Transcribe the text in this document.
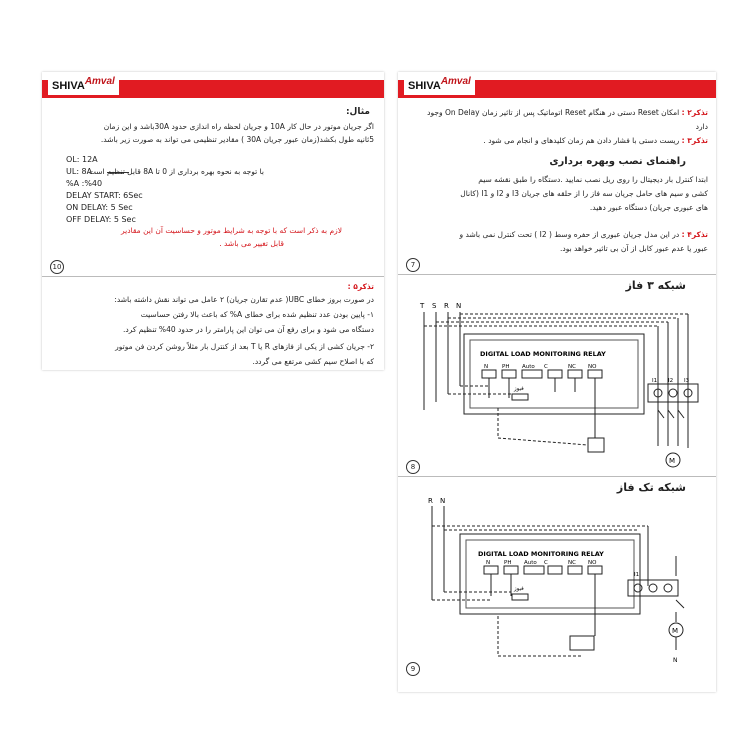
SHIVAAmval
مثال:
اگر جریان موتور در حال کار 10A و جریان لحظه راه اندازی حدود 30Aباشد و این زمان
5ثانیه طول بکشد(زمان عبور جریان 30A ) مقادیر تنظیمی می تواند به صورت زیر باشد.
OL: 12A
UL: 8A
%A :%40
DELAY START: 6Sec
ON DELAY: 5 Sec
OFF DELAY: 5 Sec
با توجه به نحوه بهره برداری از 0 تا 8A قابل تنظیم است
لازم به ذکر است که با توجه به شرایط موتور و حساسیت آن این مقادیر
قابل تغییر می باشد .
10
تذکر۵ :
در صورت بروز خطای UBC( عدم تقارن جریان) ۲ عامل می تواند نقش داشته باشد:
۱- پایین بودن عدد تنظیم شده برای خطای A% که باعث بالا رفتن حساسیت
دستگاه می شود و برای رفع آن می توان این پارامتر را در حدود 40% تنظیم کرد.
۲- جریان کشی از یکی از فازهای R یا T بعد از کنترل بار مثلاً روشن کردن فن موتور
که با اصلاح سیم کشی مرتفع می گردد.
SHIVAAmval
تذکر۲ : امکان Reset دستی در هنگام Reset اتوماتیک پس از تاثیر زمان On Delay وجود
دارد
تذکر۳ : ریست دستی با فشار دادن هم زمان کلیدهای و انجام می شود .
راهنمای نصب وبهره برداری
ابتدا کنترل بار دیجیتال را روی ریل نصب نمایید .دستگاه را طبق نقشه سیم
کشی و سیم های حامل جریان سه فاز را از حلقه های جریان I3 و I2 و I1 (کانال
های عبوری جریان) دستگاه عبور دهید.
تذکر۴ : در این مدل جریان عبوری از حفره وسط ( I2 ) تحت کنترل نمی باشد و
عبور یا عدم عبور کابل از آن بی تاثیر خواهد بود.
7
شبکه ۳ فاز
T S R N
DIGITAL LOAD MONITORING RELAY
N	PH Auto C	NC NO
فیوز
I1 I2 I3
M
8
شبکه تک فاز
R N
DIGITAL LOAD MONITORING RELAY
N	PH Auto C	NC NO
فیوز
I1
M
N
9
